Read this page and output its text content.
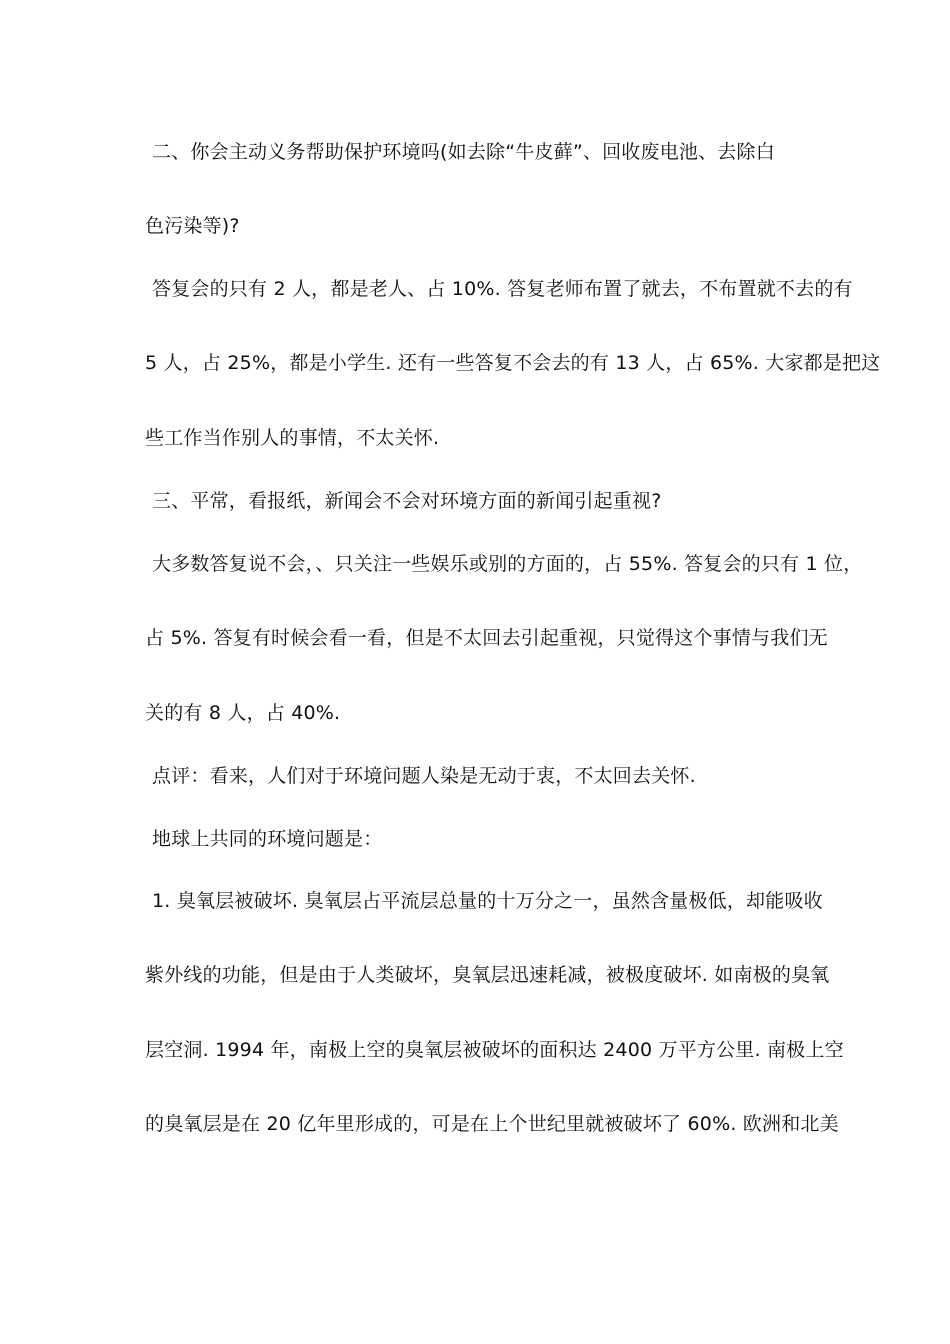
二、你会主动义务帮助保护环境吗(如去除“牛皮藓”、回收废电池、去除白
色污染等)?
答复会的只有 2 人，都是老人、占 10%. 答复老师布置了就去，不布置就不去的有
5 人，占 25%，都是小学生. 还有一些答复不会去的有 13 人，占 65%. 大家都是把这
些工作当作别人的事情，不太关怀.
三、平常，看报纸，新闻会不会对环境方面的新闻引起重视?
大多数答复说不会，、只关注一些娱乐或别的方面的，占 55%. 答复会的只有 1 位，
占 5%. 答复有时候会看一看，但是不太回去引起重视，只觉得这个事情与我们无
关的有 8 人，占 40%.
点评：看来，人们对于环境问题人染是无动于衷，不太回去关怀.
地球上共同的环境问题是：
1. 臭氧层被破坏. 臭氧层占平流层总量的十万分之一，虽然含量极低，却能吸收
紫外线的功能，但是由于人类破坏，臭氧层迅速耗减，被极度破坏. 如南极的臭氧
层空洞. 1994 年，南极上空的臭氧层被破坏的面积达 2400 万平方公里. 南极上空
的臭氧层是在 20 亿年里形成的，可是在上个世纪里就被破坏了 60%. 欧洲和北美
